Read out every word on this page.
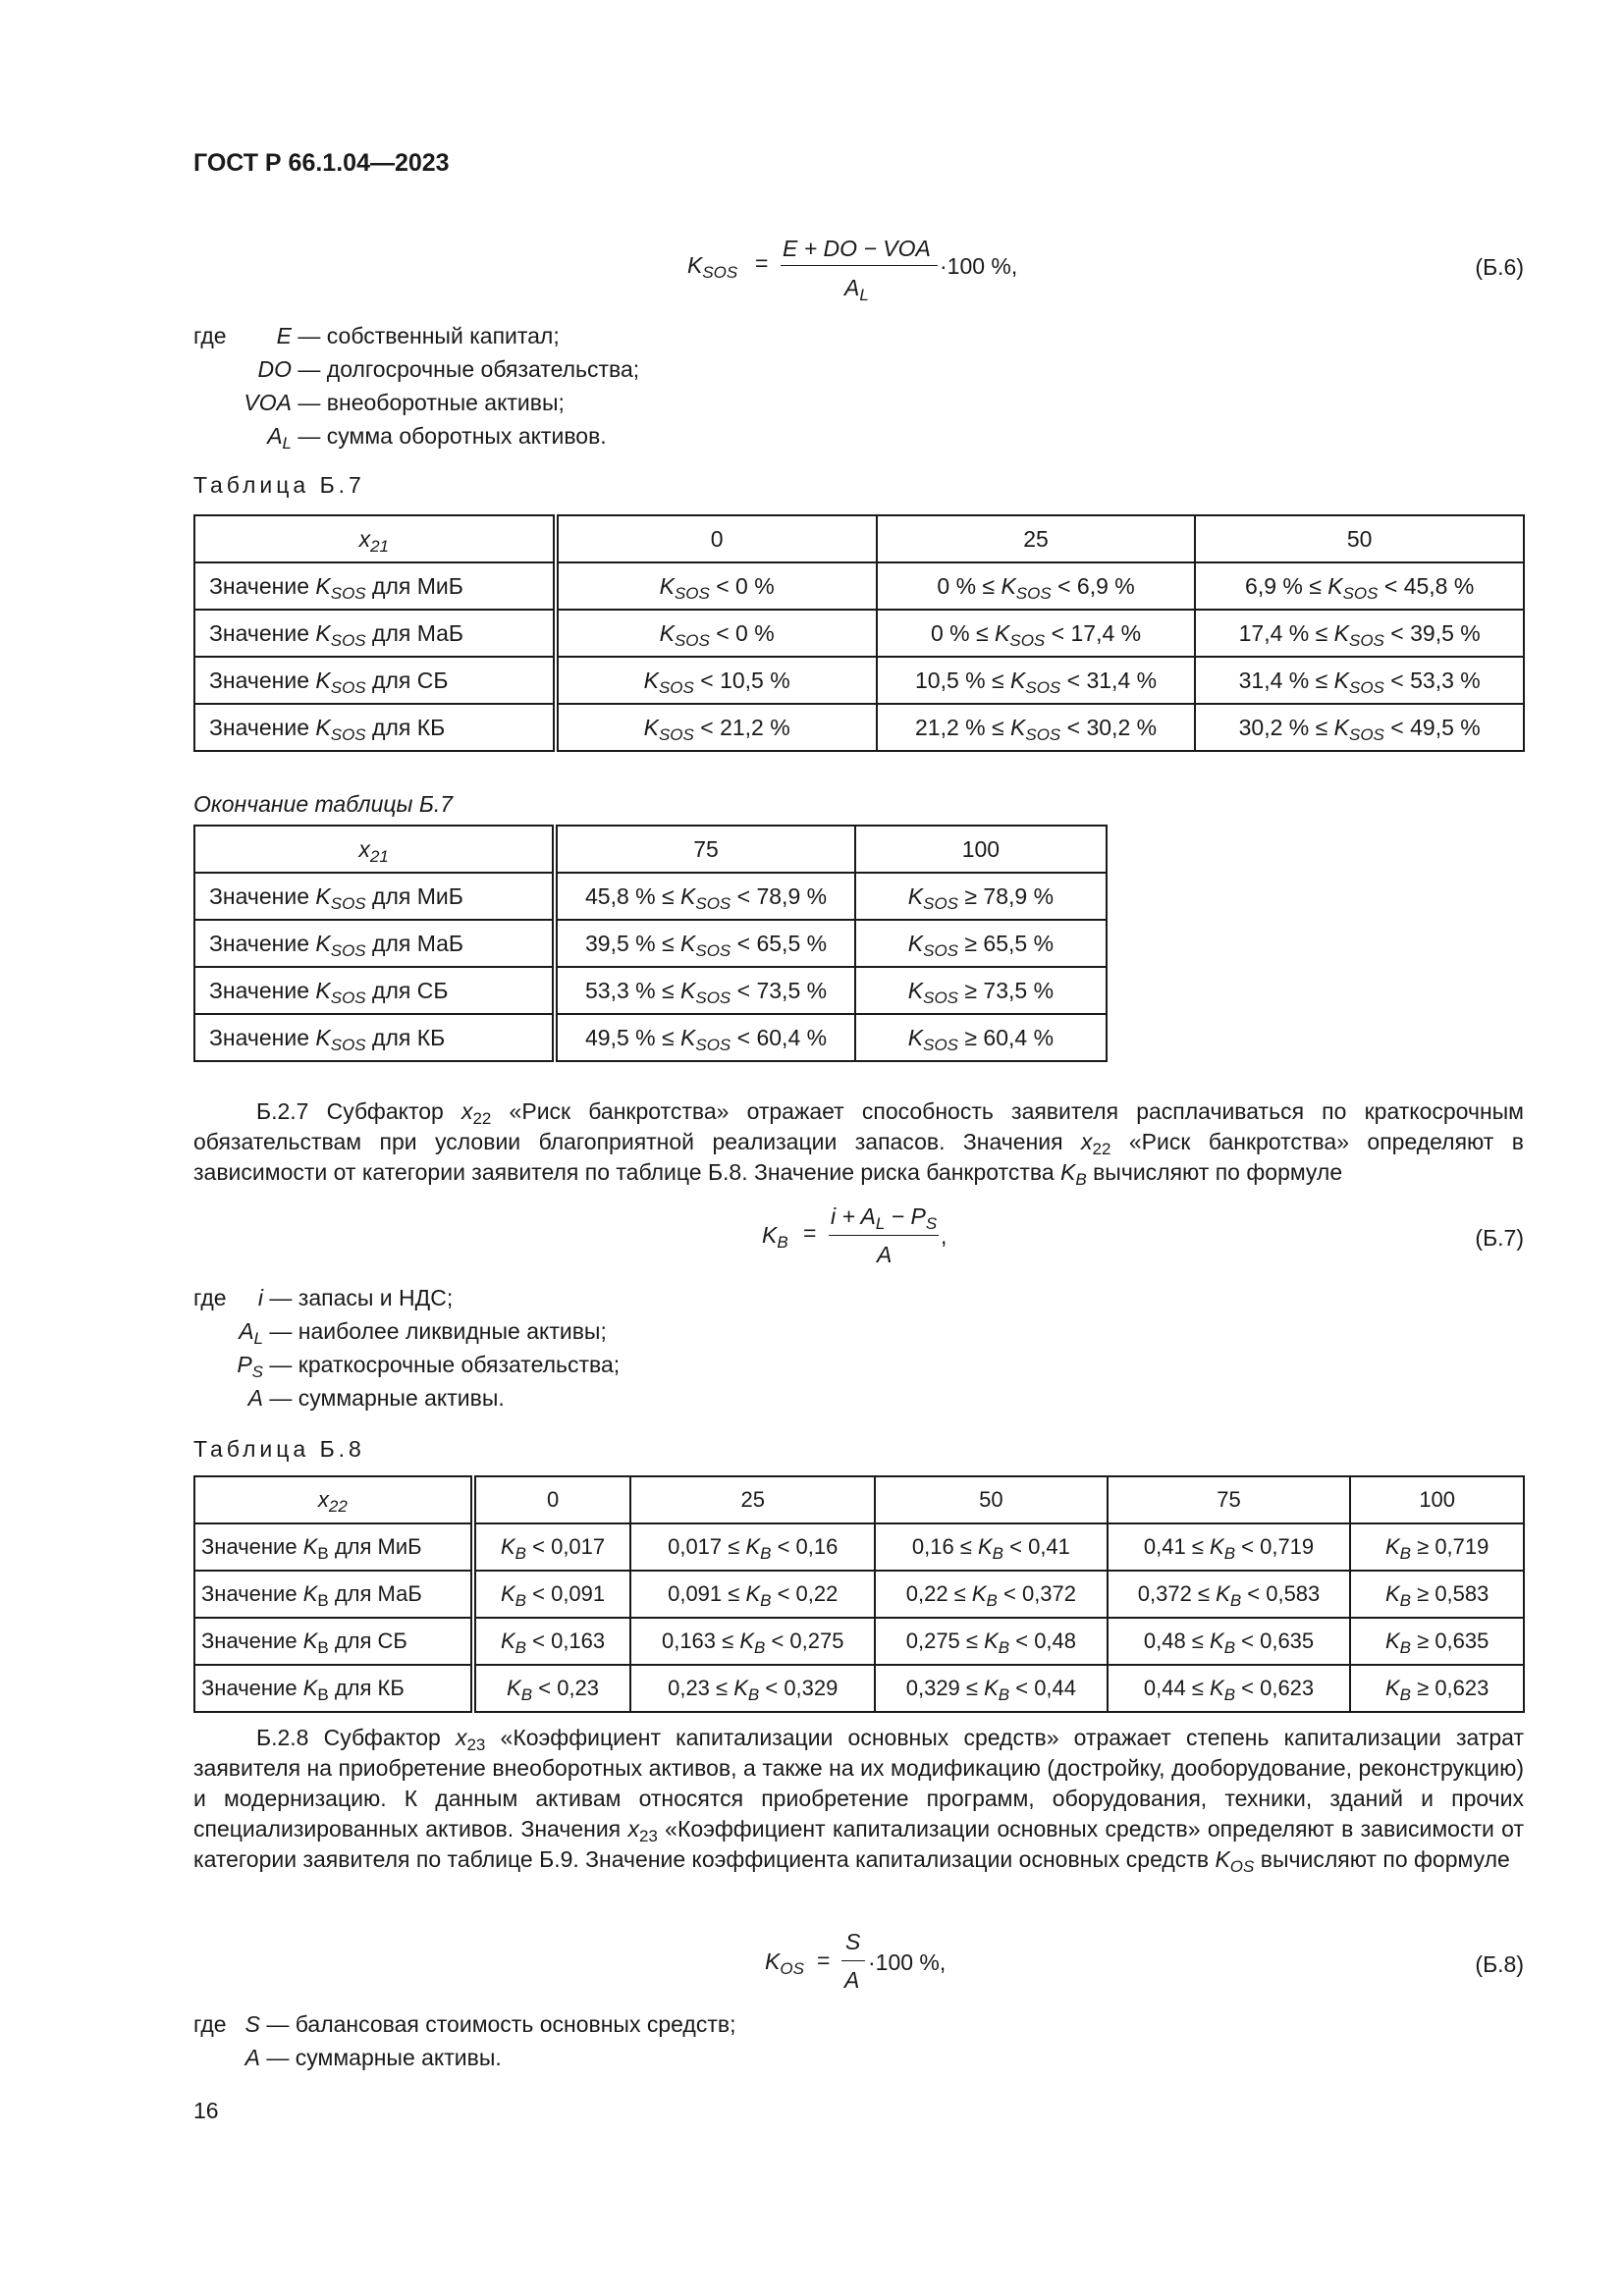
ГОСТ Р 66.1.04—2023
$K_{SOS}$ =
E + DO − VOA
$A_L$
·100 %,	(Б.6)
где	E — собственный капитал;
DO — долгосрочные обязательства;
VOA — внеоборотные активы;
$A_L$ — сумма оборотных активов.
Таблица Б.7
$x_{21}$	0	25	50
Значение $K_{SOS}$ для МиБ	$K_{SOS} < 0$ %	0 % ≤ $K_{SOS} < 6,9$ %	6,9 % ≤ $K_{SOS} < 45,8$ %
Значение $K_{SOS}$ для МаБ	$K_{SOS} < 0$ %	0 % ≤ $K_{SOS} < 17,4$ %	17,4 % ≤ $K_{SOS} < 39,5$ %
Значение $K_{SOS}$ для СБ	$K_{SOS} < 10,5$ %	10,5 % ≤ $K_{SOS} < 31,4$ %	31,4 % ≤ $K_{SOS} < 53,3$ %
Значение $K_{SOS}$ для КБ	$K_{SOS} < 21,2$ %	21,2 % ≤ $K_{SOS} < 30,2$ %	30,2 % ≤ $K_{SOS} < 49,5$ %
Окончание таблицы Б.7
$x_{21}$	75	100
Значение $K_{SOS}$ для МиБ	45,8 % ≤ $K_{SOS} < 78,9$ %	$K_{SOS} \ge 78,9$ %
Значение $K_{SOS}$ для МаБ	39,5 % ≤ $K_{SOS} < 65,5$ %	$K_{SOS} \ge 65,5$ %
Значение $K_{SOS}$ для СБ	53,3 % ≤ $K_{SOS} < 73,5$ %	$K_{SOS} \ge 73,5$ %
Значение $K_{SOS}$ для КБ	49,5 % ≤ $K_{SOS} < 60,4$ %	$K_{SOS} \ge 60,4$ %
Б.2.7 Субфактор $x_{22}$ «Риск банкротства» отражает способность заявителя расплачиваться по краткосрочным обязательствам при условии благоприятной реализации запасов. Значения $x_{22}$ «Риск банкротства» определяют в зависимости от категории заявителя по таблице Б.8. Значение риска банкротства $K_B$ вычисляют по формуле
$K_B$ =
$i + A_L - P_S$
A
,	(Б.7)
где	i — запасы и НДС;
$A_L$ — наиболее ликвидные активы;
$P_S$ — краткосрочные обязательства;
A — суммарные активы.
Таблица Б.8
$x_{22}$	0	25	50	75	100
Значение $K_В$ для МиБ	$K_B < 0,017$	$0,017 \le K_B < 0,16$	$0,16 \le K_B < 0,41$	$0,41 \le K_B < 0,719$	$K_B \ge 0,719$
Значение $K_В$ для МаБ	$K_B < 0,091$	$0,091 \le K_B < 0,22$	$0,22 \le K_B < 0,372$	$0,372 \le K_B < 0,583$	$K_B \ge 0,583$
Значение $K_В$ для СБ	$K_B < 0,163$	$0,163 \le K_B < 0,275$	$0,275 \le K_B < 0,48$	$0,48 \le K_B < 0,635$	$K_B \ge 0,635$
Значение $K_В$ для КБ	$K_B < 0,23$	$0,23 \le K_B < 0,329$	$0,329 \le K_B < 0,44$	$0,44 \le K_B < 0,623$	$K_B \ge 0,623$
Б.2.8 Субфактор $x_{23}$ «Коэффициент капитализации основных средств» отражает степень капитализации затрат заявителя на приобретение внеоборотных активов, а также на их модификацию (достройку, дооборудование, реконструкцию) и модернизацию. К данным активам относятся приобретение программ, оборудования, техники, зданий и прочих специализированных активов. Значения $x_{23}$ «Коэффициент капитализации основных средств» определяют в зависимости от категории заявителя по таблице Б.9. Значение коэффициента капитализации основных средств $K_{OS}$ вычисляют по формуле
$K_{OS}$ =
S
A
·100 %,	(Б.8)
где S — балансовая стоимость основных средств;
A — суммарные активы.
16
